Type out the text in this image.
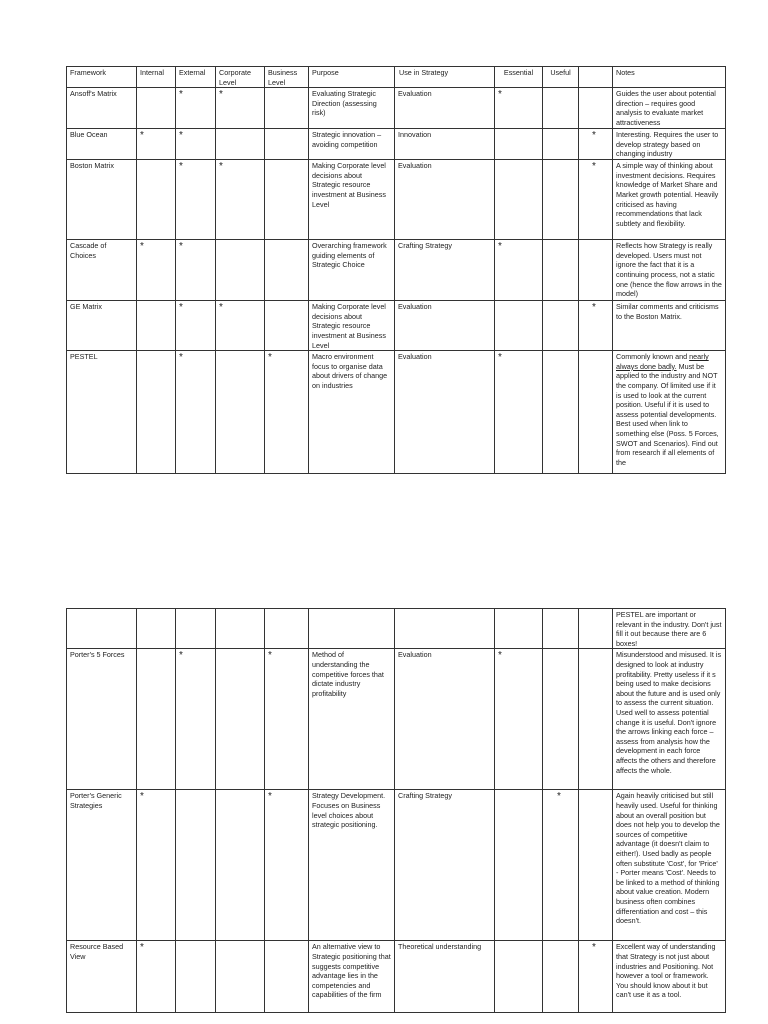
Framework	Internal	External	Corporate Level	Business Level	Purpose	Use in Strategy	Essential	Useful		Notes
Ansoff's Matrix		*	*		Evaluating Strategic Direction (assessing risk)	Evaluation	*			Guides the user about potential direction – requires good analysis to evaluate market attractiveness
Blue Ocean	*	*			Strategic innovation – avoiding competition	Innovation			*	Interesting. Requires the user to develop strategy based on changing industry
Boston Matrix		*	*		Making Corporate level decisions about Strategic resource investment at Business Level	Evaluation			*	A simple way of thinking about investment decisions. Requires knowledge of Market Share and Market growth potential. Heavily criticised as having recommendations that lack subtlety and flexibility.
Cascade of Choices	*	*			Overarching framework guiding elements of Strategic Choice	Crafting Strategy	*			Reflects how Strategy is really developed. Users must not ignore the fact that it is a continuing process, not a static one (hence the flow arrows in the model)
GE Matrix		*	*		Making Corporate level decisions about Strategic resource investment at Business Level	Evaluation			*	Similar comments and criticisms to the Boston Matrix.
PESTEL		*		*	Macro environment focus to organise data about drivers of change on industries	Evaluation	*			Commonly known and nearly always done badly. Must be applied to the industry and NOT the company. Of limited use if it is used to look at the current position. Useful if it is used to assess potential developments. Best used when link to something else (Poss. 5 Forces, SWOT and Scenarios). Find out from research if all elements of the
										PESTEL are important or relevant in the industry. Don't just fill it out because there are 6 boxes!
Porter's 5 Forces		*		*	Method of understanding the competitive forces that dictate industry profitability	Evaluation	*			Misunderstood and misused. It is designed to look at industry profitability. Pretty useless if it s being used to make decisions about the future and is used only to assess the current situation. Used well to assess potential change it is useful. Don't ignore the arrows linking each force – assess from analysis how the development in each force affects the others and therefore affects the whole.
Porter's Generic Strategies	*			*	Strategy Development. Focuses on Business level choices about strategic positioning.	Crafting Strategy		*		Again heavily criticised but still heavily used. Useful for thinking about an overall position but does not help you to develop the sources of competitive advantage (it doesn't claim to either!). Used badly as people often substitute 'Cost', for 'Price' - Porter means 'Cost'. Needs to be linked to a method of thinking about value creation. Modern business often combines differentiation and cost – this doesn't.
Resource Based View	*				An alternative view to Strategic positioning that suggests competitive advantage lies in the competencies and capabilities of the firm	Theoretical understanding			*	Excellent way of understanding that Strategy is not just about industries and Positioning. Not however a tool or framework. You should know about it but can't use it as a tool.
